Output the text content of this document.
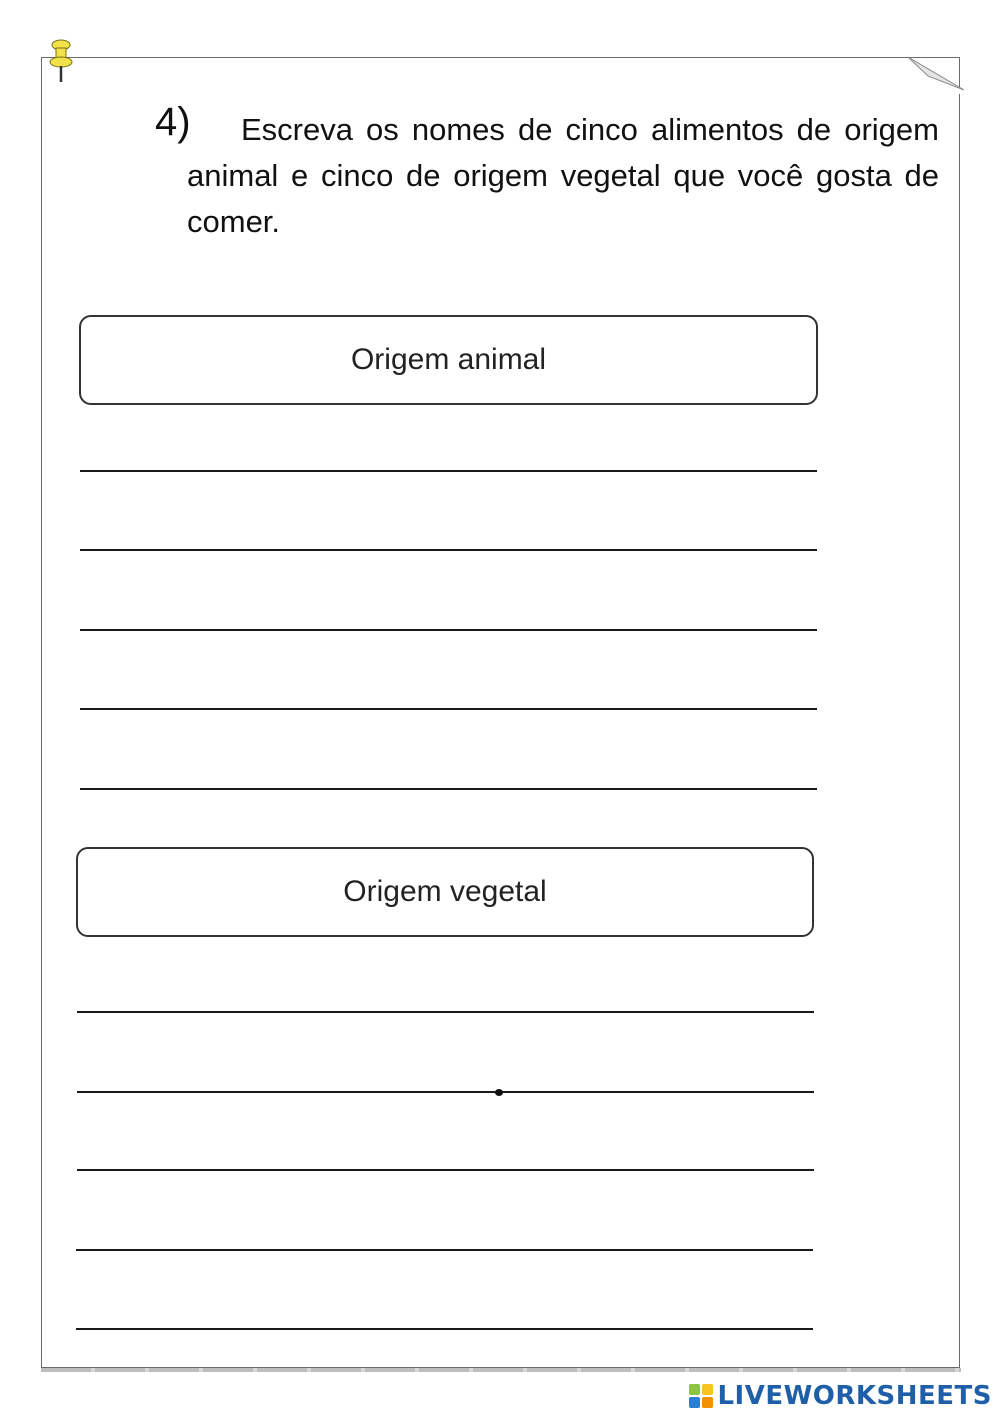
4)	Escreva os nomes de cinco alimentos de origem animal e cinco de origem vegetal que você gosta de comer.
Origem animal
Origem vegetal
LIVEWORKSHEETS
